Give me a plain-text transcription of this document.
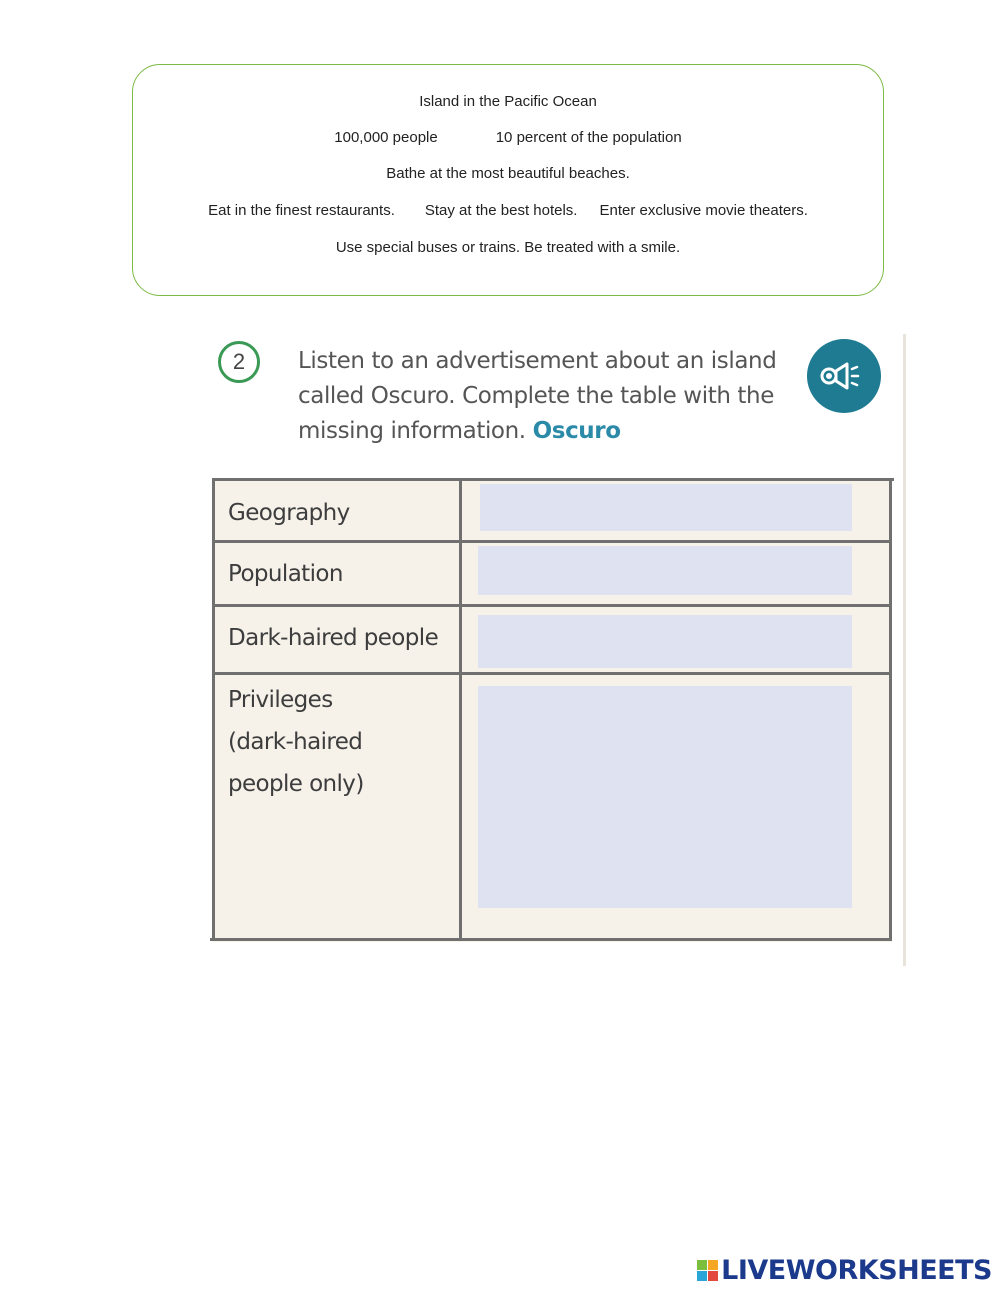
Island in the Pacific Ocean
100,000 people	10 percent of the population
Bathe at the most beautiful beaches.
Eat in the finest restaurants. Stay at the best hotels. Enter exclusive movie theaters.
Use special buses or trains. Be treated with a smile.
2 Listen to an advertisement about an island called Oscuro. Complete the table with the missing information. Oscuro
Geography
Population
Dark-haired people
Privileges
(dark-haired
people only)
LIVEWORKSHEETS
